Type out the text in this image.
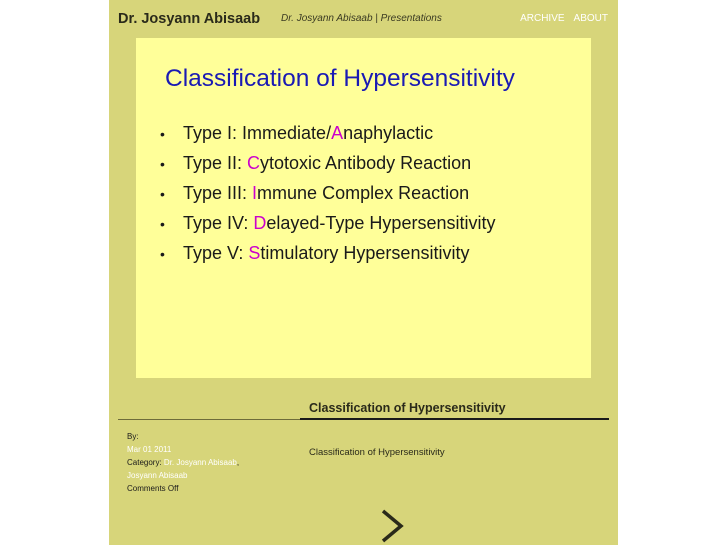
Dr. Josyann Abisaab Dr. Josyann Abisaab | Presentations	ARCHIVE ABOUT
Classification of Hypersensitivity
•	Type I: Immediate/Anaphylactic
•	Type II: Cytotoxic Antibody Reaction
•	Type III: Immune Complex Reaction
•	Type IV: Delayed-Type Hypersensitivity
•	Type V: Stimulatory Hypersensitivity
Classification of Hypersensitivity
By:
Mar 01 2011
Category: Dr. Josyann Abisaab,
Josyann Abisaab
Comments Off
Classification of Hypersensitivity
